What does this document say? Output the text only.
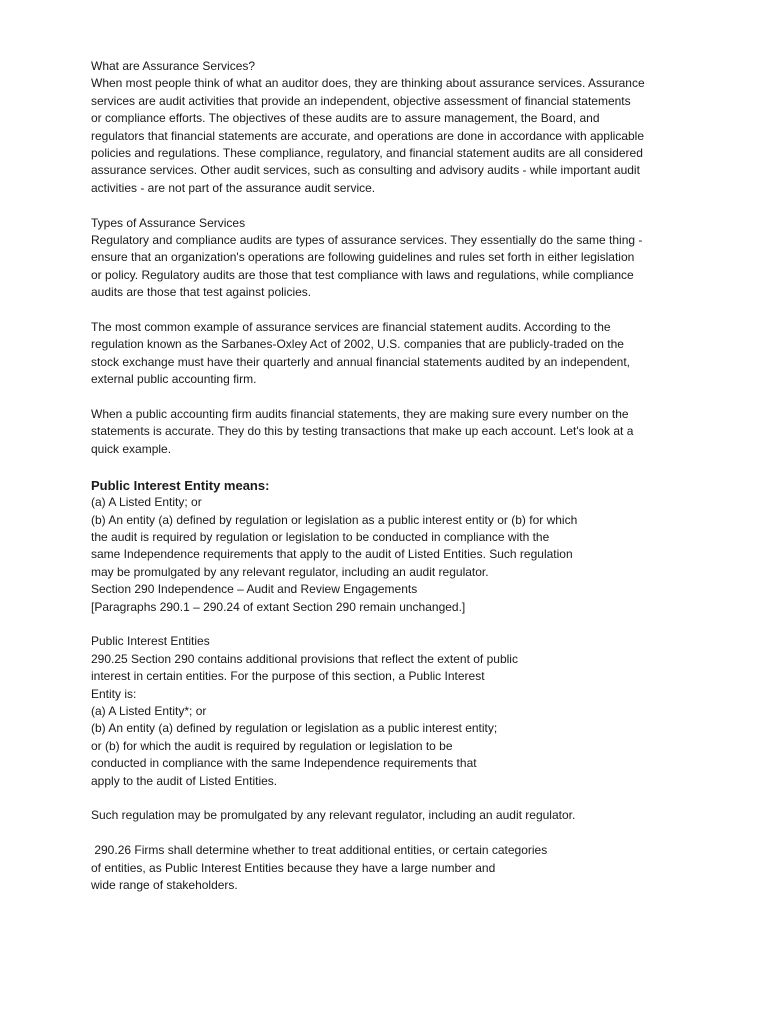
What are Assurance Services?
When most people think of what an auditor does, they are thinking about assurance services. Assurance
services are audit activities that provide an independent, objective assessment of financial statements
or compliance efforts. The objectives of these audits are to assure management, the Board, and
regulators that financial statements are accurate, and operations are done in accordance with applicable
policies and regulations. These compliance, regulatory, and financial statement audits are all considered
assurance services. Other audit services, such as consulting and advisory audits - while important audit
activities - are not part of the assurance audit service.
Types of Assurance Services
Regulatory and compliance audits are types of assurance services. They essentially do the same thing -
ensure that an organization's operations are following guidelines and rules set forth in either legislation
or policy. Regulatory audits are those that test compliance with laws and regulations, while compliance
audits are those that test against policies.
The most common example of assurance services are financial statement audits. According to the
regulation known as the Sarbanes-Oxley Act of 2002, U.S. companies that are publicly-traded on the
stock exchange must have their quarterly and annual financial statements audited by an independent,
external public accounting firm.
When a public accounting firm audits financial statements, they are making sure every number on the
statements is accurate. They do this by testing transactions that make up each account. Let's look at a
quick example.
Public Interest Entity means:
(a) A Listed Entity; or
(b) An entity (a) defined by regulation or legislation as a public interest entity or (b) for which
the audit is required by regulation or legislation to be conducted in compliance with the
same Independence requirements that apply to the audit of Listed Entities. Such regulation
may be promulgated by any relevant regulator, including an audit regulator.
Section 290 Independence – Audit and Review Engagements
[Paragraphs 290.1 – 290.24 of extant Section 290 remain unchanged.]
Public Interest Entities
290.25 Section 290 contains additional provisions that reflect the extent of public
interest in certain entities. For the purpose of this section, a Public Interest
Entity is:
(a) A Listed Entity*; or
(b) An entity (a) defined by regulation or legislation as a public interest entity;
or (b) for which the audit is required by regulation or legislation to be
conducted in compliance with the same Independence requirements that
apply to the audit of Listed Entities.
Such regulation may be promulgated by any relevant regulator, including an audit regulator.
290.26 Firms shall determine whether to treat additional entities, or certain categories
of entities, as Public Interest Entities because they have a large number and
wide range of stakeholders.
